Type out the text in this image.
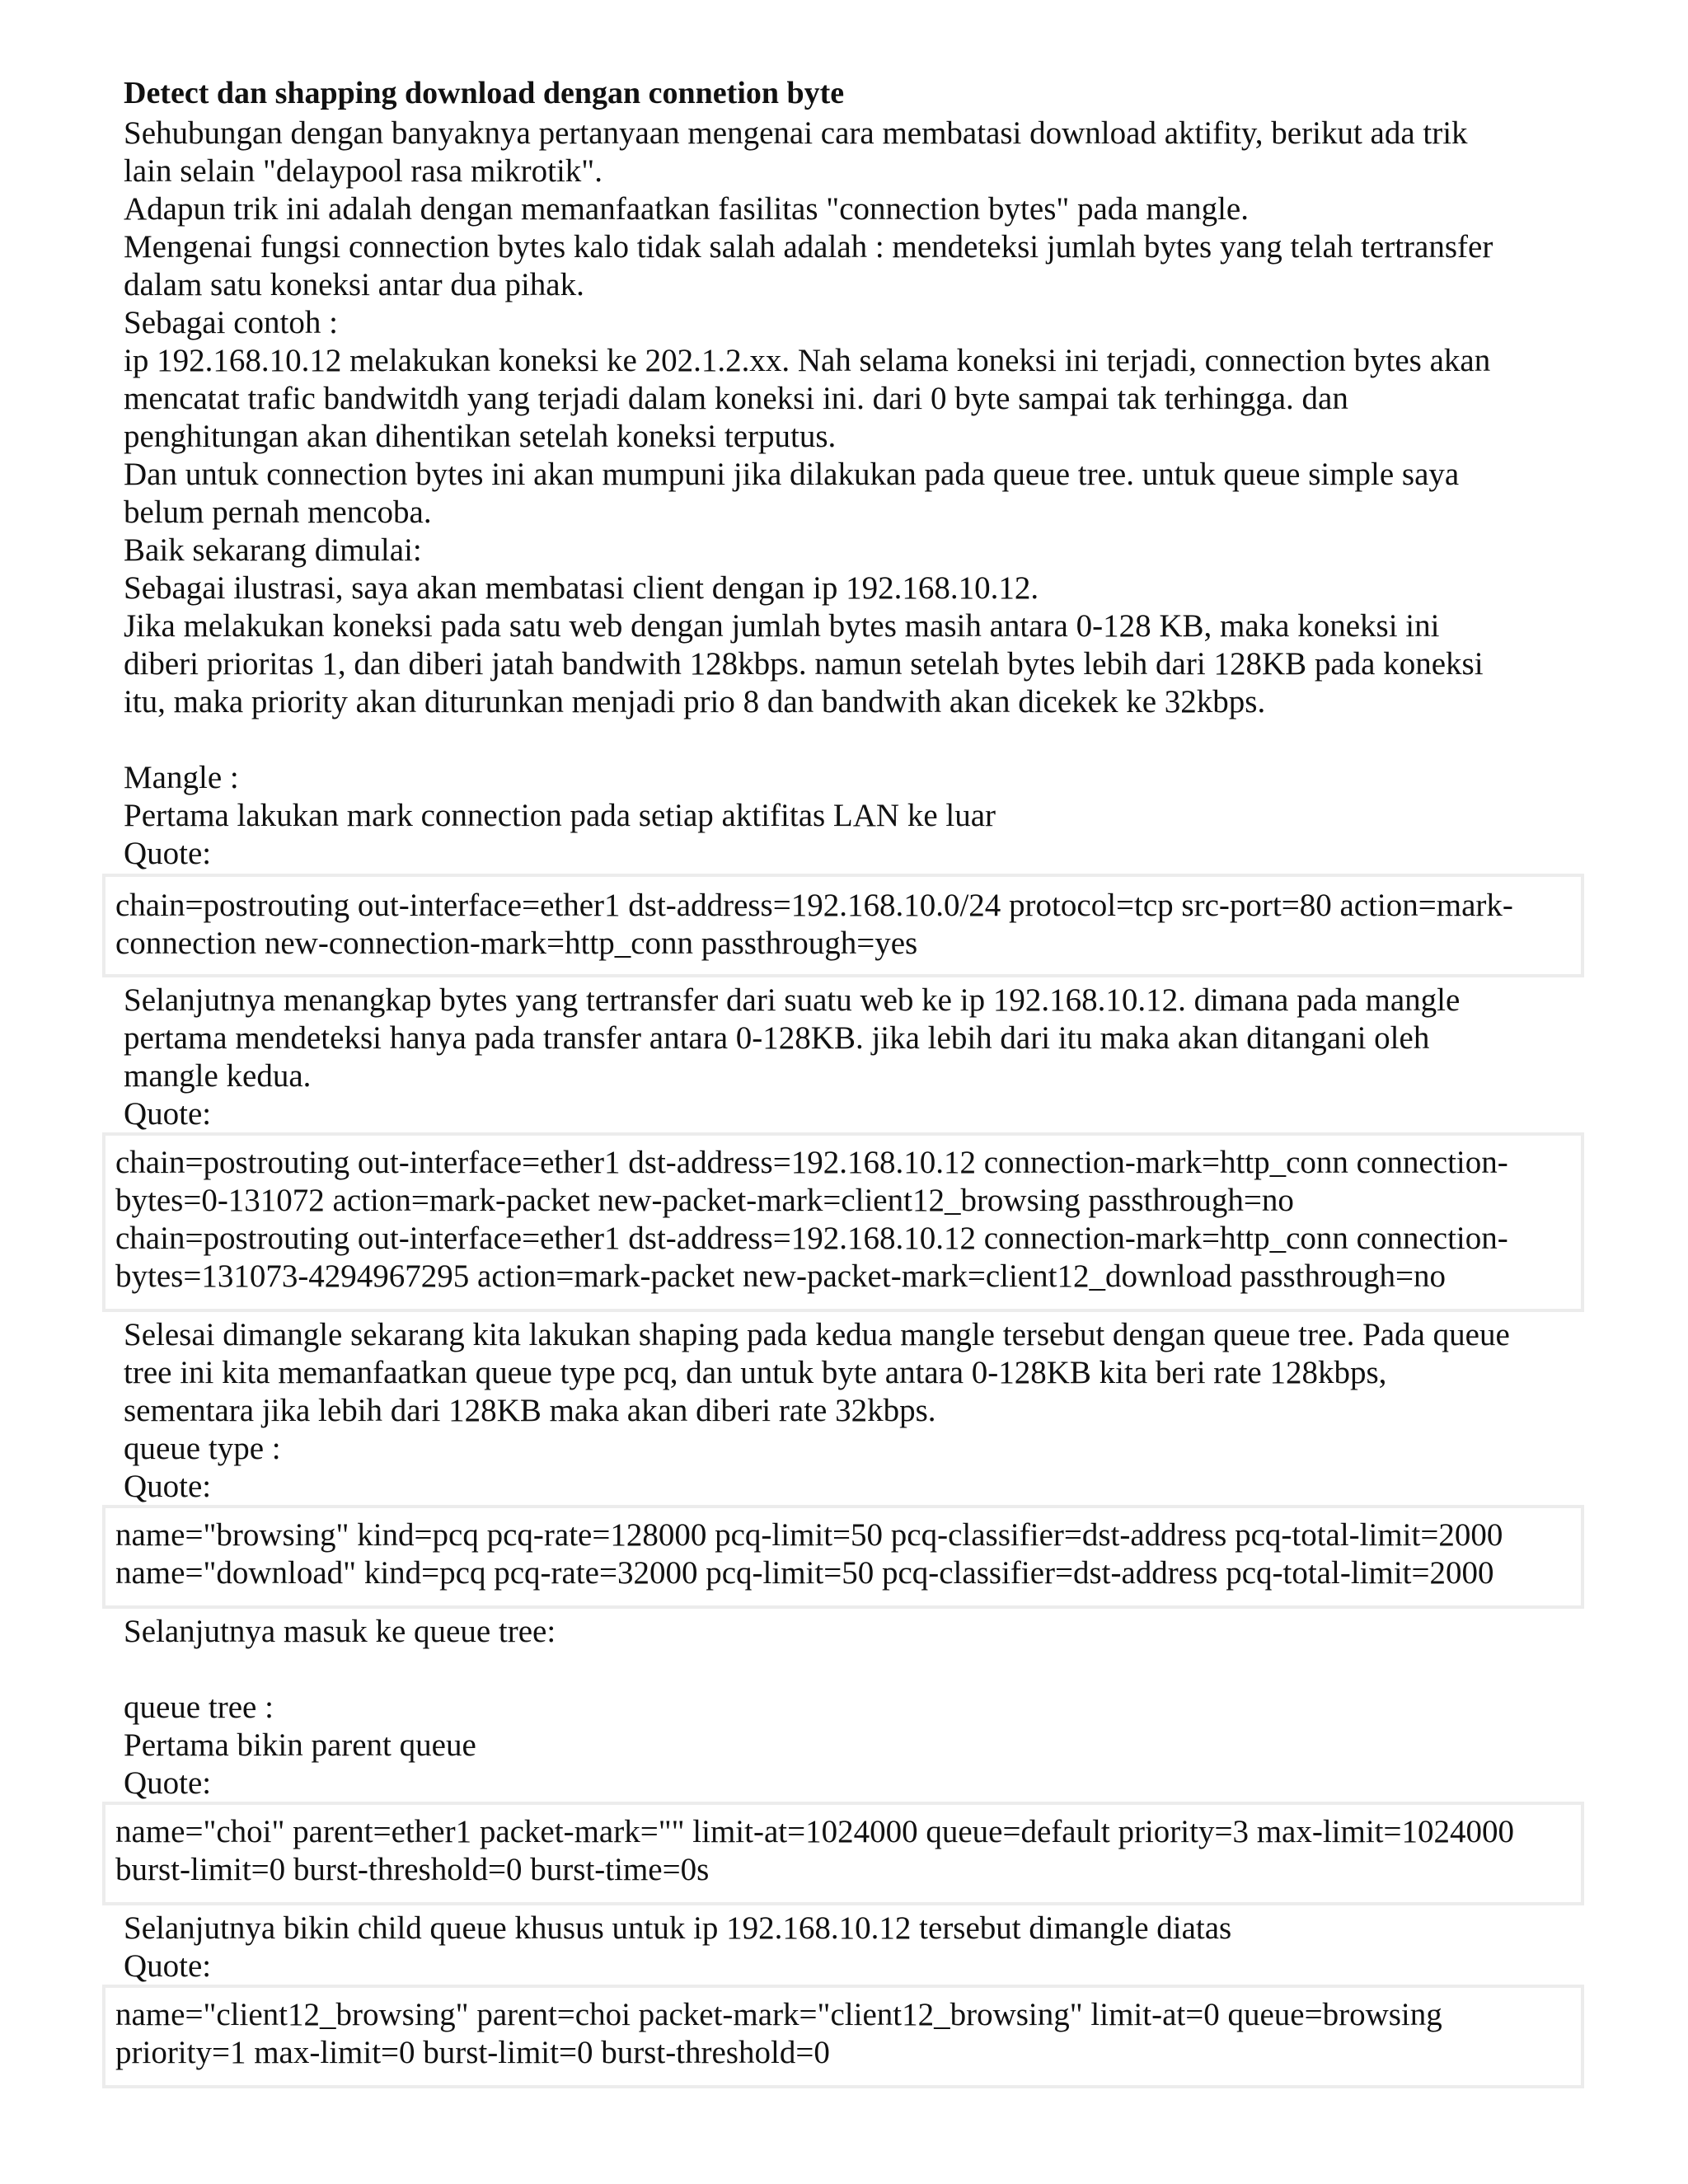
Detect dan shapping download dengan connetion byte

Sehubungan dengan banyaknya pertanyaan mengenai cara membatasi download aktifity, berikut ada trik

lain selain "delaypool rasa mikrotik".

Adapun trik ini adalah dengan memanfaatkan fasilitas "connection bytes" pada mangle.

Mengenai fungsi connection bytes kalo tidak salah adalah : mendeteksi jumlah bytes yang telah tertransfer

dalam satu koneksi antar dua pihak.

Sebagai contoh :

ip 192.168.10.12 melakukan koneksi ke 202.1.2.xx. Nah selama koneksi ini terjadi, connection bytes akan

mencatat trafic bandwitdh yang terjadi dalam koneksi ini. dari 0 byte sampai tak terhingga. dan

penghitungan akan dihentikan setelah koneksi terputus.

Dan untuk connection bytes ini akan mumpuni jika dilakukan pada queue tree. untuk queue simple saya

belum pernah mencoba.

Baik sekarang dimulai:

Sebagai ilustrasi, saya akan membatasi client dengan ip 192.168.10.12.

Jika melakukan koneksi pada satu web dengan jumlah bytes masih antara 0-128 KB, maka koneksi ini

diberi prioritas 1, dan diberi jatah bandwith 128kbps. namun setelah bytes lebih dari 128KB pada koneksi

itu, maka priority akan diturunkan menjadi prio 8 dan bandwith akan dicekek ke 32kbps.

Mangle :

Pertama lakukan mark connection pada setiap aktifitas LAN ke luar

Quote:

chain=postrouting out-interface=ether1 dst-address=192.168.10.0/24 protocol=tcp src-port=80 action=mark-

connection new-connection-mark=http_conn passthrough=yes

Selanjutnya menangkap bytes yang tertransfer dari suatu web ke ip 192.168.10.12. dimana pada mangle

pertama mendeteksi hanya pada transfer antara 0-128KB. jika lebih dari itu maka akan ditangani oleh

mangle kedua.

Quote:

chain=postrouting out-interface=ether1 dst-address=192.168.10.12 connection-mark=http_conn connection-

bytes=0-131072 action=mark-packet new-packet-mark=client12_browsing passthrough=no

chain=postrouting out-interface=ether1 dst-address=192.168.10.12 connection-mark=http_conn connection-

bytes=131073-4294967295 action=mark-packet new-packet-mark=client12_download passthrough=no

Selesai dimangle sekarang kita lakukan shaping pada kedua mangle tersebut dengan queue tree. Pada queue

tree ini kita memanfaatkan queue type pcq, dan untuk byte antara 0-128KB kita beri rate 128kbps,

sementara jika lebih dari 128KB maka akan diberi rate 32kbps.

queue type :

Quote:

name="browsing" kind=pcq pcq-rate=128000 pcq-limit=50 pcq-classifier=dst-address pcq-total-limit=2000

name="download" kind=pcq pcq-rate=32000 pcq-limit=50 pcq-classifier=dst-address pcq-total-limit=2000

Selanjutnya masuk ke queue tree:

queue tree :

Pertama bikin parent queue

Quote:

name="choi" parent=ether1 packet-mark="" limit-at=1024000 queue=default priority=3 max-limit=1024000

burst-limit=0 burst-threshold=0 burst-time=0s

Selanjutnya bikin child queue khusus untuk ip 192.168.10.12 tersebut dimangle diatas

Quote:

name="client12_browsing" parent=choi packet-mark="client12_browsing" limit-at=0 queue=browsing

priority=1 max-limit=0 burst-limit=0 burst-threshold=0
